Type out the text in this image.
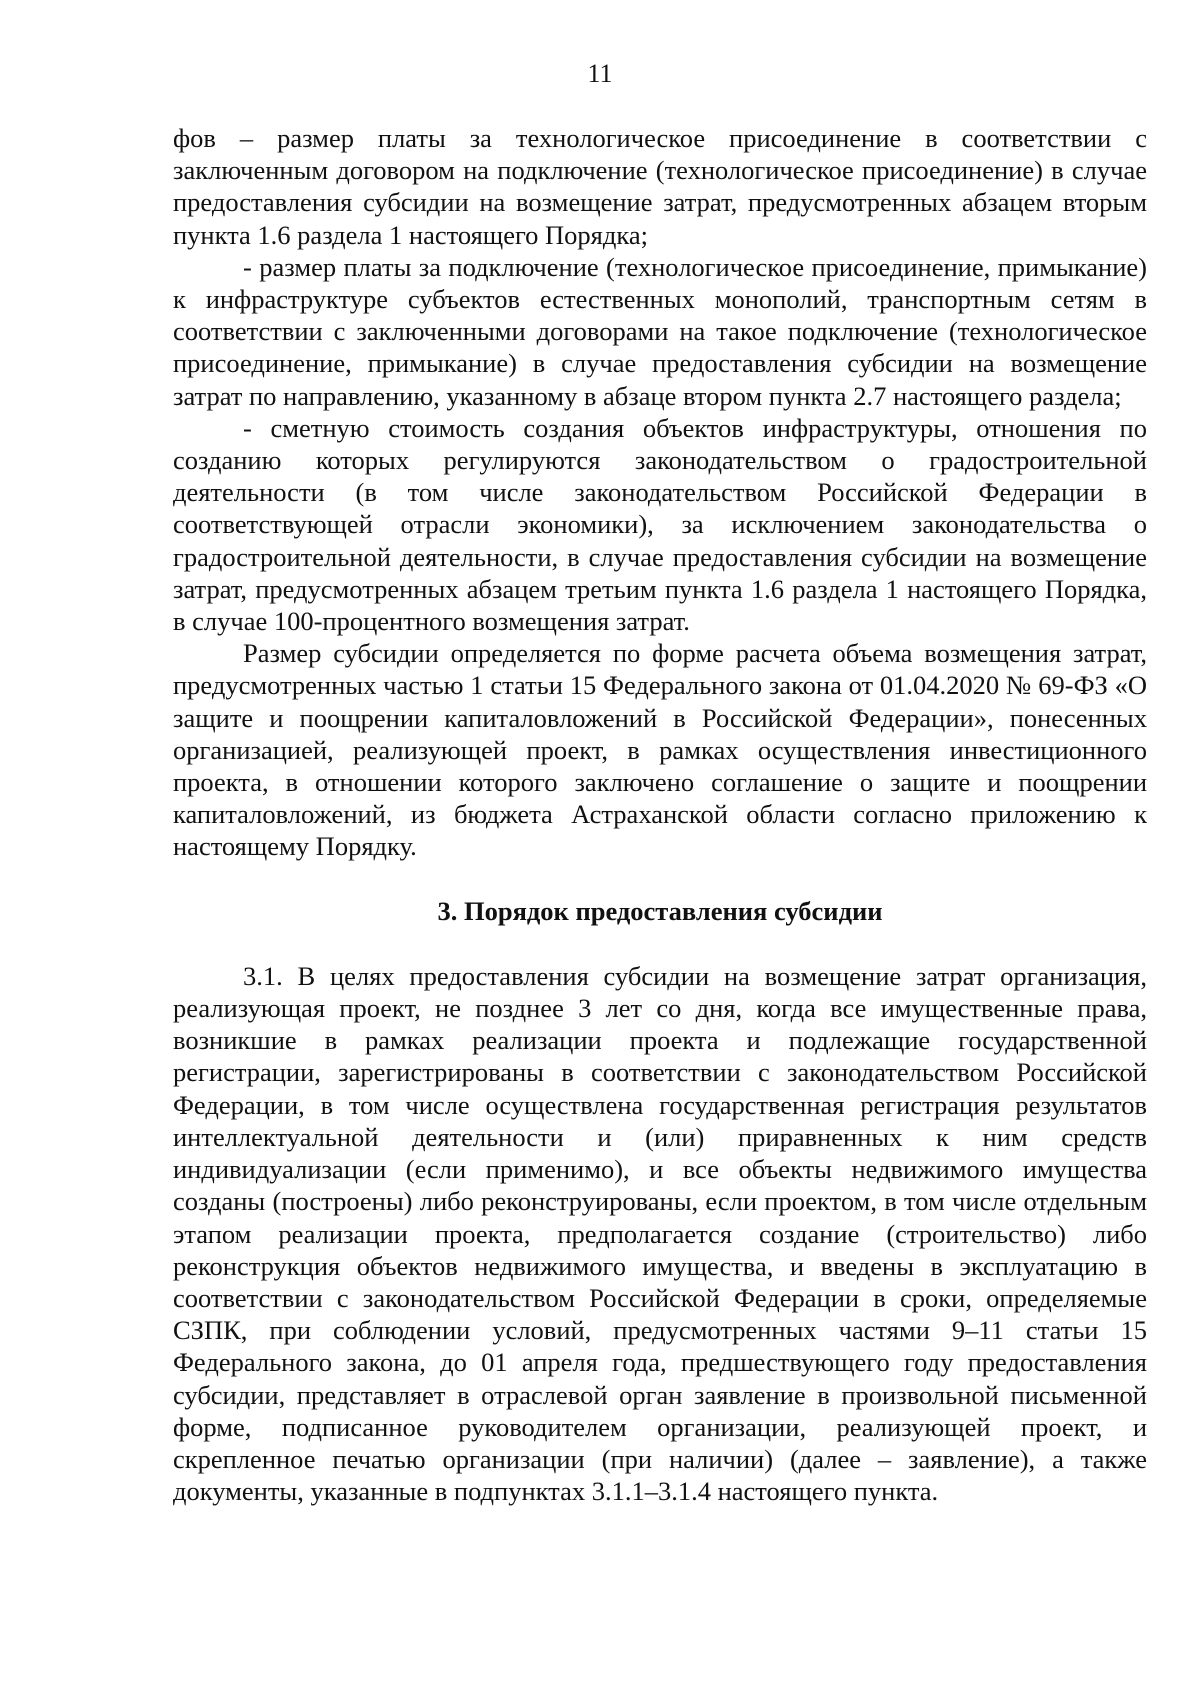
11

фов – размер платы за технологическое присоединение в соответствии с заключенным договором на подключение (технологическое присоединение) в случае предоставления субсидии на возмещение затрат, предусмотренных абзацем вторым пункта 1.6 раздела 1 настоящего Порядка;

- размер платы за подключение (технологическое присоединение, примыкание) к инфраструктуре субъектов естественных монополий, транспортным сетям в соответствии с заключенными договорами на такое подключение (технологическое присоединение, примыкание) в случае предоставления субсидии на возмещение затрат по направлению, указанному в абзаце втором пункта 2.7 настоящего раздела;

- сметную стоимость создания объектов инфраструктуры, отношения по созданию которых регулируются законодательством о градостроительной деятельности (в том числе законодательством Российской Федерации в соответствующей отрасли экономики), за исключением законодательства о градостроительной деятельности, в случае предоставления субсидии на возмещение затрат, предусмотренных абзацем третьим пункта 1.6 раздела 1 настоящего Порядка, в случае 100-процентного возмещения затрат.

Размер субсидии определяется по форме расчета объема возмещения затрат, предусмотренных частью 1 статьи 15 Федерального закона от 01.04.2020 № 69-ФЗ «О защите и поощрении капиталовложений в Российской Федерации», понесенных организацией, реализующей проект, в рамках осуществления инвестиционного проекта, в отношении которого заключено соглашение о защите и поощрении капиталовложений, из бюджета Астраханской области согласно приложению к настоящему Порядку.

3. Порядок предоставления субсидии

3.1. В целях предоставления субсидии на возмещение затрат организация, реализующая проект, не позднее 3 лет со дня, когда все имущественные права, возникшие в рамках реализации проекта и подлежащие государственной регистрации, зарегистрированы в соответствии с законодательством Российской Федерации, в том числе осуществлена государственная регистрация результатов интеллектуальной деятельности и (или) приравненных к ним средств индивидуализации (если применимо), и все объекты недвижимого имущества созданы (построены) либо реконструированы, если проектом, в том числе отдельным этапом реализации проекта, предполагается создание (строительство) либо реконструкция объектов недвижимого имущества, и введены в эксплуатацию в соответствии с законодательством Российской Федерации в сроки, определяемые СЗПК, при соблюдении условий, предусмотренных частями 9–11 статьи 15 Федерального закона, до 01 апреля года, предшествующего году предоставления субсидии, представляет в отраслевой орган заявление в произвольной письменной форме, подписанное руководителем организации, реализующей проект, и скрепленное печатью организации (при наличии) (далее – заявление), а также документы, указанные в подпунктах 3.1.1–3.1.4 настоящего пункта.
